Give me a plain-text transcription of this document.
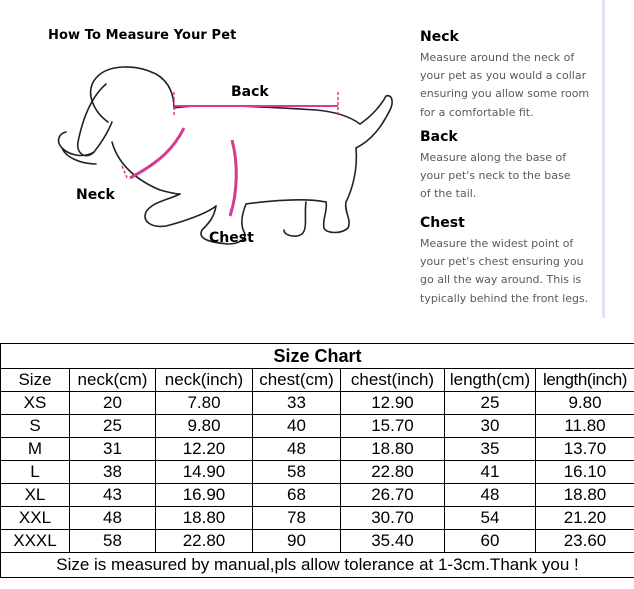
How To Measure Your Pet
Back
Neck
Chest
Neck
Measure around the neck of
your pet as you would a collar
ensuring you allow some room
for a comfortable fit.
Back
Measure along the base of
your pet's neck to the base
of the tail.
Chest
Measure the widest point of
your pet's chest ensuring you
go all the way around. This is
typically behind the front legs.
Size Chart						
Size	neck(cm)	neck(inch)	chest(cm)	chest(inch)	length(cm)	length(inch)
XS	20	7.80	33	12.90	25	9.80
S	25	9.80	40	15.70	30	11.80
M	31	12.20	48	18.80	35	13.70
L	38	14.90	58	22.80	41	16.10
XL	43	16.90	68	26.70	48	18.80
XXL	48	18.80	78	30.70	54	21.20
XXXL	58	22.80	90	35.40	60	23.60
Size is measured by manual,pls allow tolerance at 1-3cm.Thank you !						
